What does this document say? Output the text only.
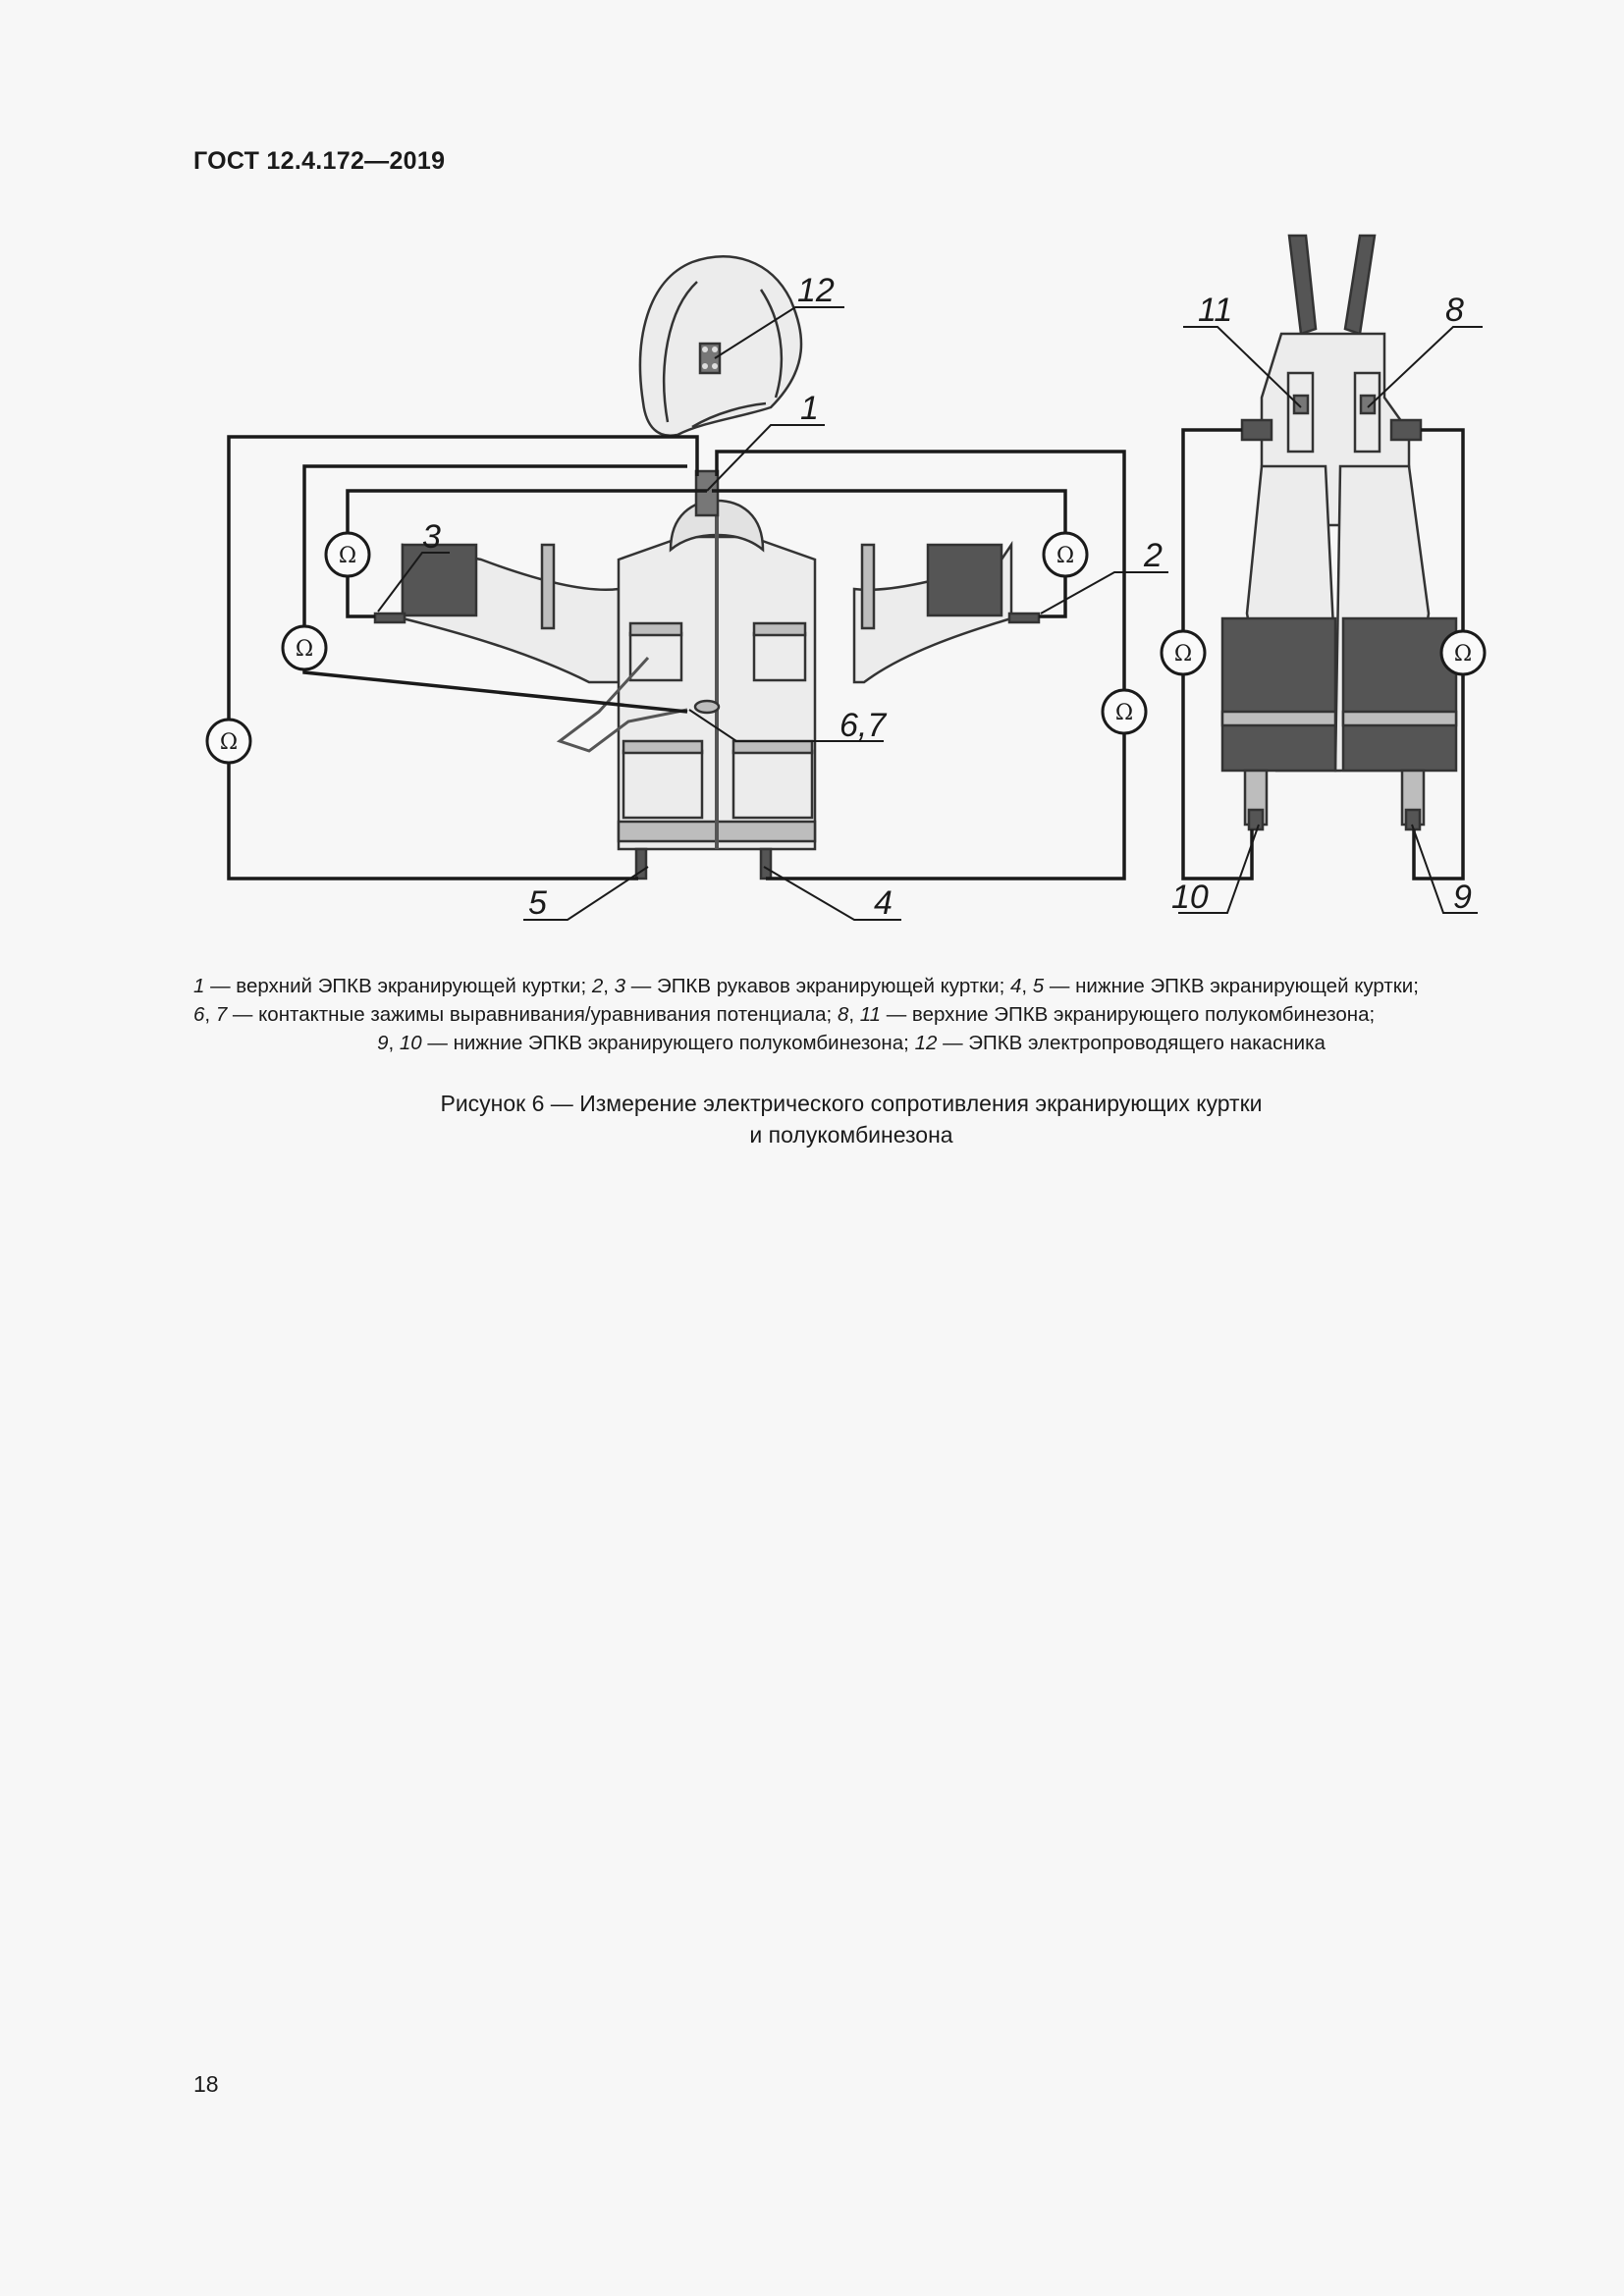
ГОСТ 12.4.172—2019
Ω
Ω
Ω	Ω
Ω
Ω	Ω
12
1
3	2
6,7
5	4
11	8
10	9
1 — верхний ЭПКВ экранирующей куртки; 2, 3 — ЭПКВ рукавов экранирующей куртки; 4, 5 — нижние ЭПКВ экранирующей куртки;
6, 7 — контактные зажимы выравнивания/уравнивания потенциала; 8, 11 — верхние ЭПКВ экранирующего полукомбинезона;
9, 10 — нижние ЭПКВ экранирующего полукомбинезона; 12 — ЭПКВ электропроводящего накасника
Рисунок 6 — Измерение электрического сопротивления экранирующих куртки
и полукомбинезона
18
